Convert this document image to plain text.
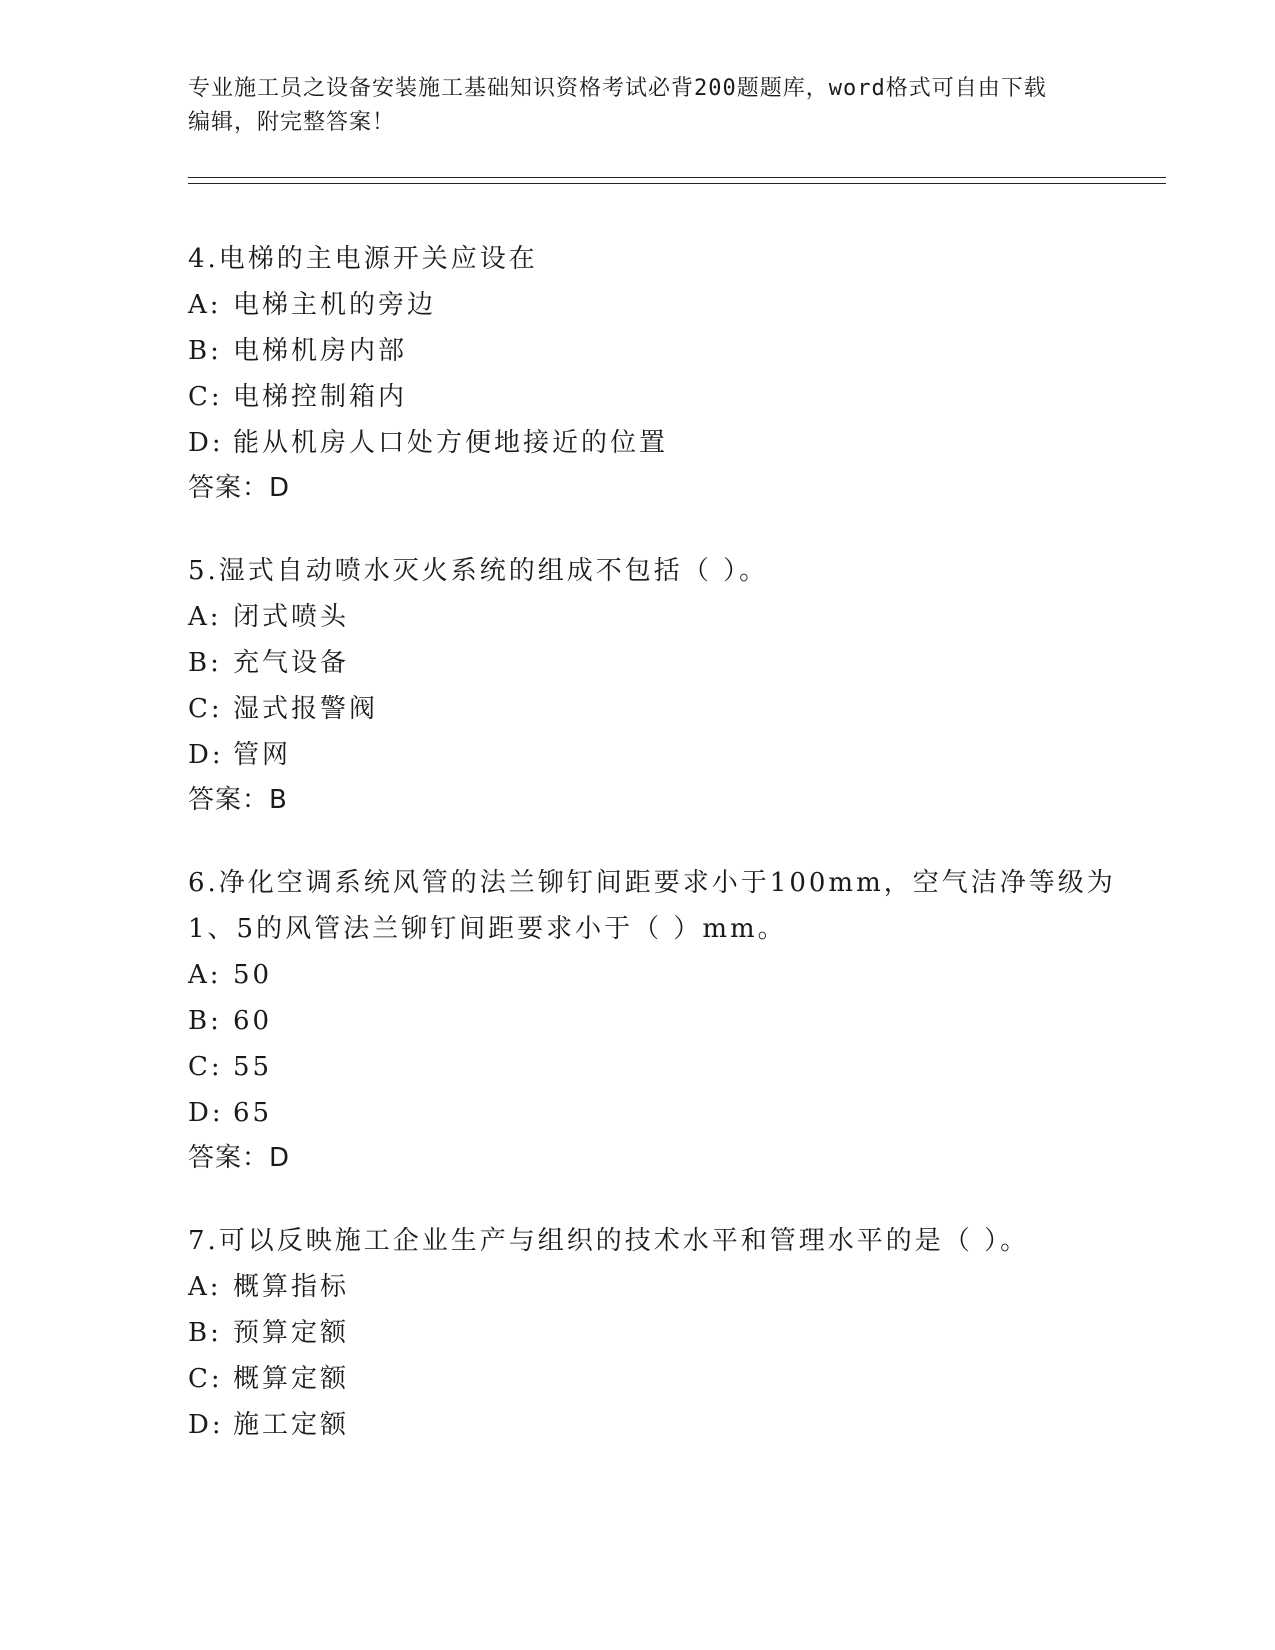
专业施工员之设备安装施工基础知识资格考试必背200题题库，word格式可自由下载编辑，附完整答案！
4.电梯的主电源开关应设在
A: 电梯主机的旁边
B: 电梯机房内部
C: 电梯控制箱内
D: 能从机房人口处方便地接近的位置
答案：D
5.湿式自动喷水灭火系统的组成不包括（ ）。
A: 闭式喷头
B: 充气设备
C: 湿式报警阀
D: 管网
答案：B
6.净化空调系统风管的法兰铆钉间距要求小于100mm，空气洁净等级为1、5的风管法兰铆钉间距要求小于（ ）mm。
A: 50
B: 60
C: 55
D: 65
答案：D
7.可以反映施工企业生产与组织的技术水平和管理水平的是（ ）。
A: 概算指标
B: 预算定额
C: 概算定额
D: 施工定额
